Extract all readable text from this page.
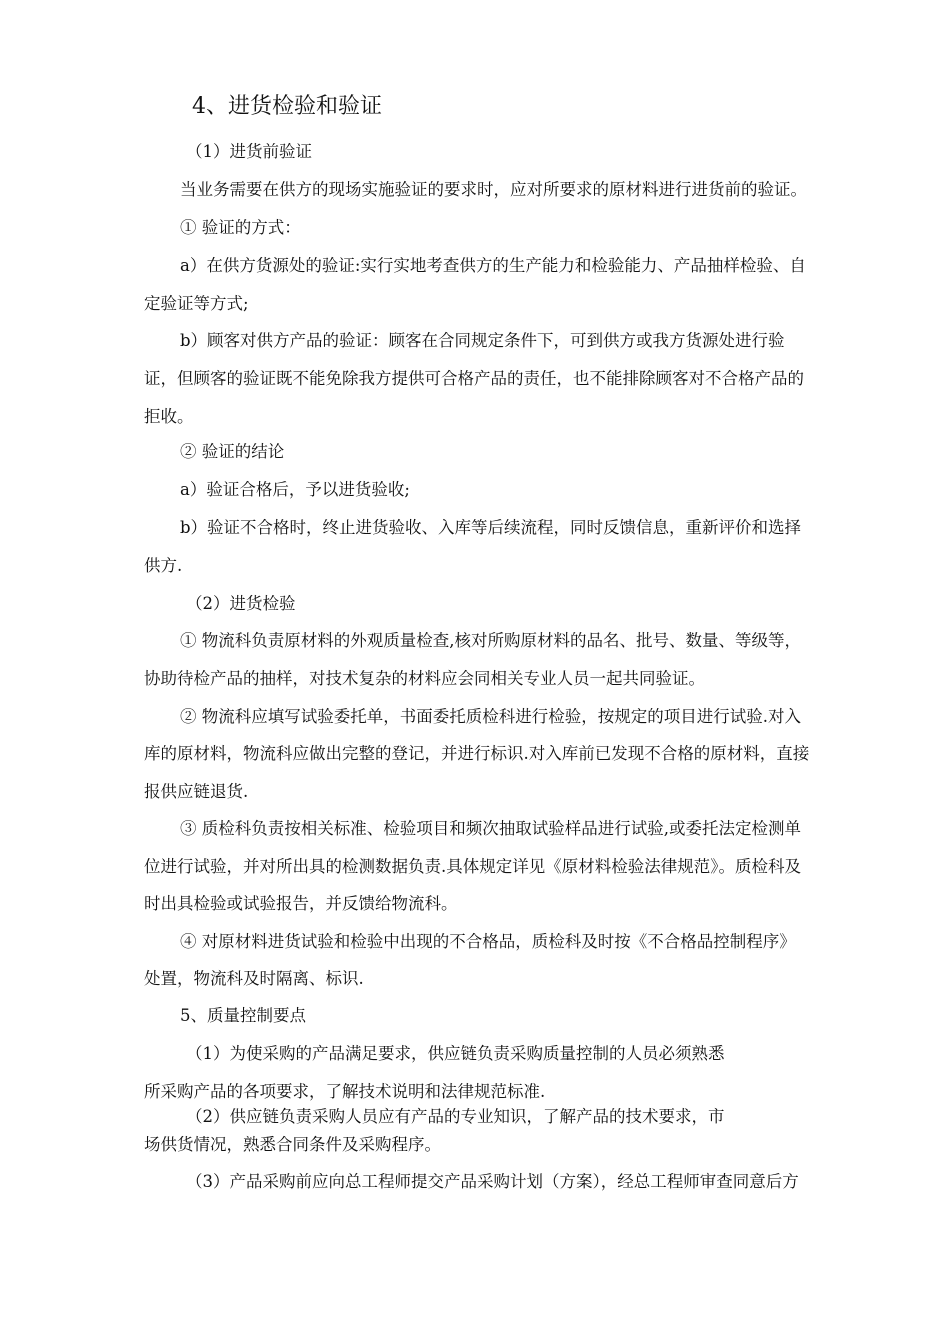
4、进货检验和验证
（1）进货前验证
当业务需要在供方的现场实施验证的要求时，应对所要求的原材料进行进货前的验证。
① 验证的方式：
a）在供方货源处的验证:实行实地考查供方的生产能力和检验能力、产品抽样检验、自
定验证等方式;
b）顾客对供方产品的验证：顾客在合同规定条件下，可到供方或我方货源处进行验
证，但顾客的验证既不能免除我方提供可合格产品的责任，也不能排除顾客对不合格产品的
拒收。
② 验证的结论
a）验证合格后，予以进货验收;
b）验证不合格时，终止进货验收、入库等后续流程，同时反馈信息，重新评价和选择
供方.
（2）进货检验
① 物流科负责原材料的外观质量检查,核对所购原材料的品名、批号、数量、等级等，
协助待检产品的抽样，对技术复杂的材料应会同相关专业人员一起共同验证。
② 物流科应填写试验委托单，书面委托质检科进行检验，按规定的项目进行试验.对入
库的原材料，物流科应做出完整的登记，并进行标识.对入库前已发现不合格的原材料，直接
报供应链退货.
③ 质检科负责按相关标准、检验项目和频次抽取试验样品进行试验,或委托法定检测单
位进行试验，并对所出具的检测数据负责.具体规定详见《原材料检验法律规范》。质检科及
时出具检验或试验报告，并反馈给物流科。
④ 对原材料进货试验和检验中出现的不合格品，质检科及时按《不合格品控制程序》
处置，物流科及时隔离、标识.
5、质量控制要点
（1）为使采购的产品满足要求，供应链负责采购质量控制的人员必须熟悉
所采购产品的各项要求，了解技术说明和法律规范标准.
（2）供应链负责采购人员应有产品的专业知识，了解产品的技术要求，市
场供货情况，熟悉合同条件及采购程序。
（3）产品采购前应向总工程师提交产品采购计划（方案），经总工程师审查同意后方
